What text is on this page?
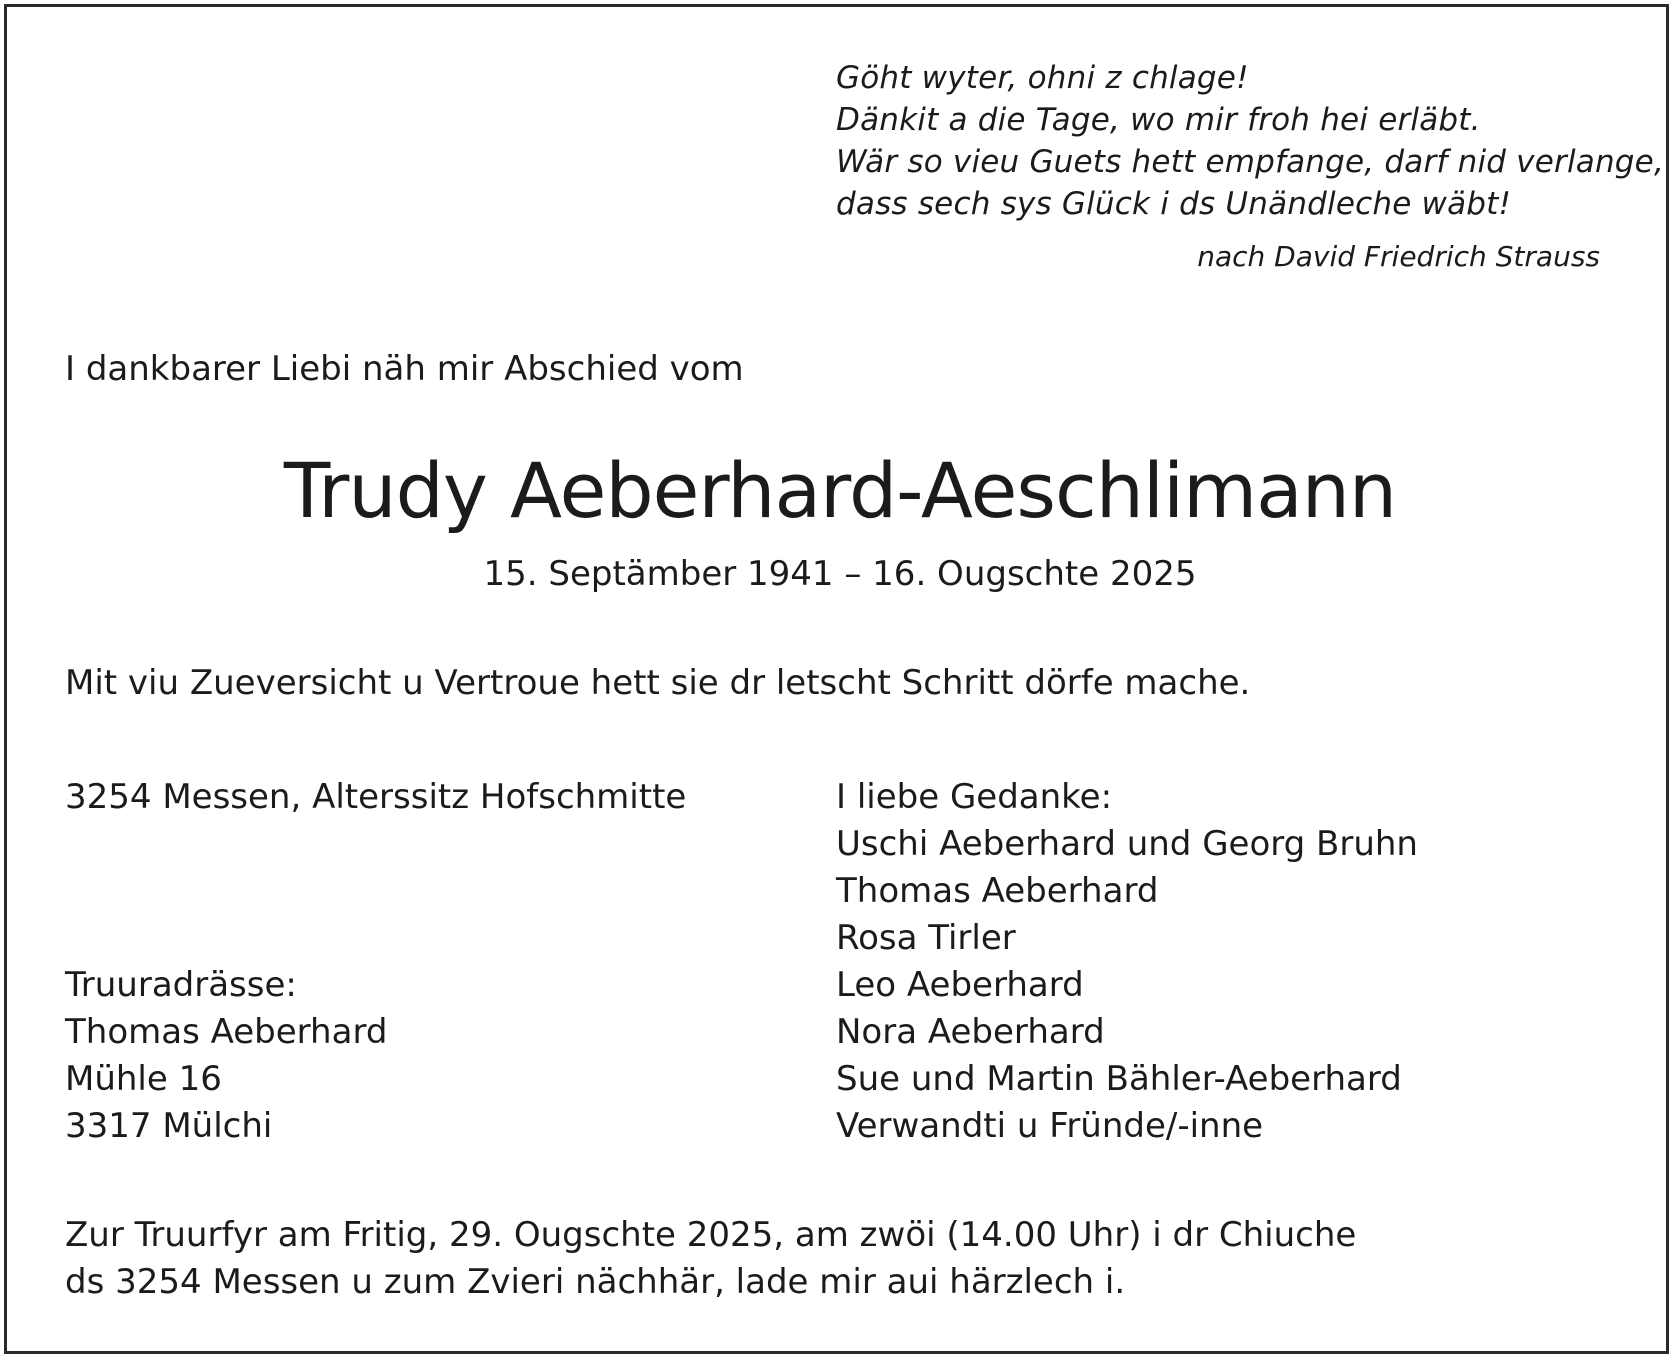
Göht wyter, ohni z chlage!
Dänkit a die Tage, wo mir froh hei erläbt.
Wär so vieu Guets hett empfange, darf nid verlange,
dass sech sys Glück i ds Unändleche wäbt!
nach David Friedrich Strauss
I dankbarer Liebi näh mir Abschied vom
Trudy Aeberhard-Aeschlimann
15. Septämber 1941 – 16. Ougschte 2025
Mit viu Zueversicht u Vertroue hett sie dr letscht Schritt dörfe mache.
3254 Messen, Alterssitz Hofschmitte
Truuradrässe:
Thomas Aeberhard
Mühle 16
3317 Mülchi
I liebe Gedanke:
Uschi Aeberhard und Georg Bruhn
Thomas Aeberhard
Rosa Tirler
Leo Aeberhard
Nora Aeberhard
Sue und Martin Bähler-Aeberhard
Verwandti u Fründe/-inne
Zur Truurfyr am Fritig, 29. Ougschte 2025, am zwöi (14.00 Uhr) i dr Chiuche
ds 3254 Messen u zum Zvieri nächhär, lade mir aui härzlech i.
